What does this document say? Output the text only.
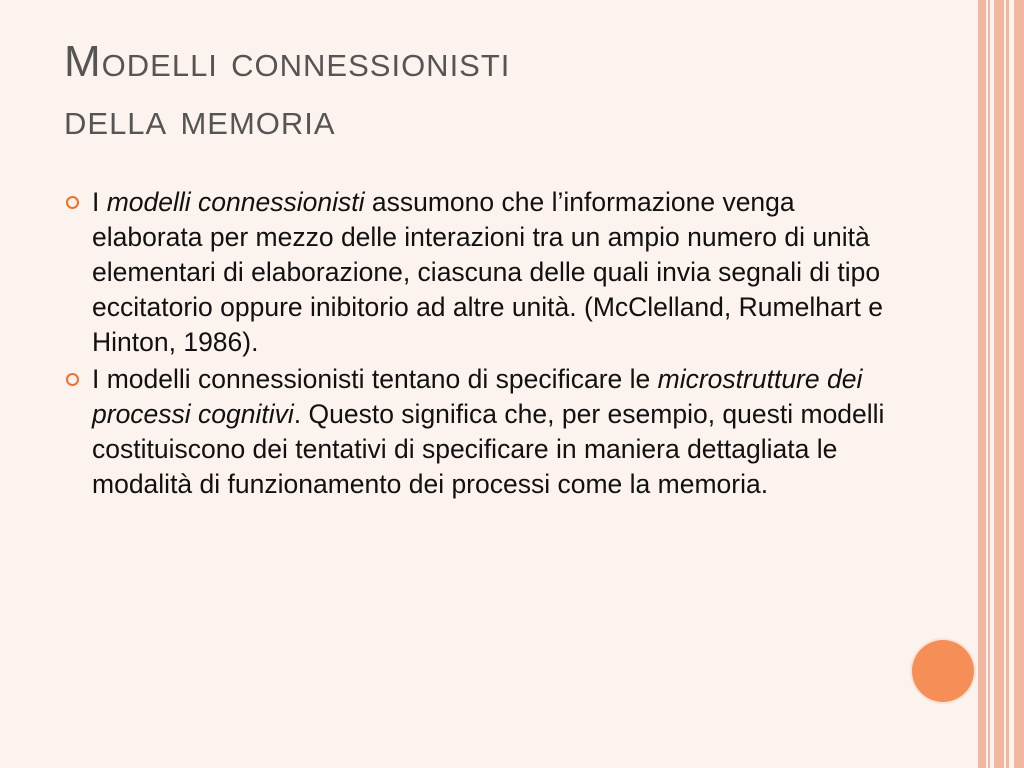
Modelli connessionisti
della memoria
I modelli connessionisti assumono che l’informazione venga elaborata per mezzo delle interazioni tra un ampio numero di unità elementari di elaborazione, ciascuna delle quali invia segnali di tipo eccitatorio oppure inibitorio ad altre unità. (McClelland, Rumelhart e Hinton, 1986).
I modelli connessionisti tentano di specificare le microstrutture dei processi cognitivi. Questo significa che, per esempio, questi modelli costituiscono dei tentativi di specificare in maniera dettagliata le modalità di funzionamento dei processi come la memoria.
